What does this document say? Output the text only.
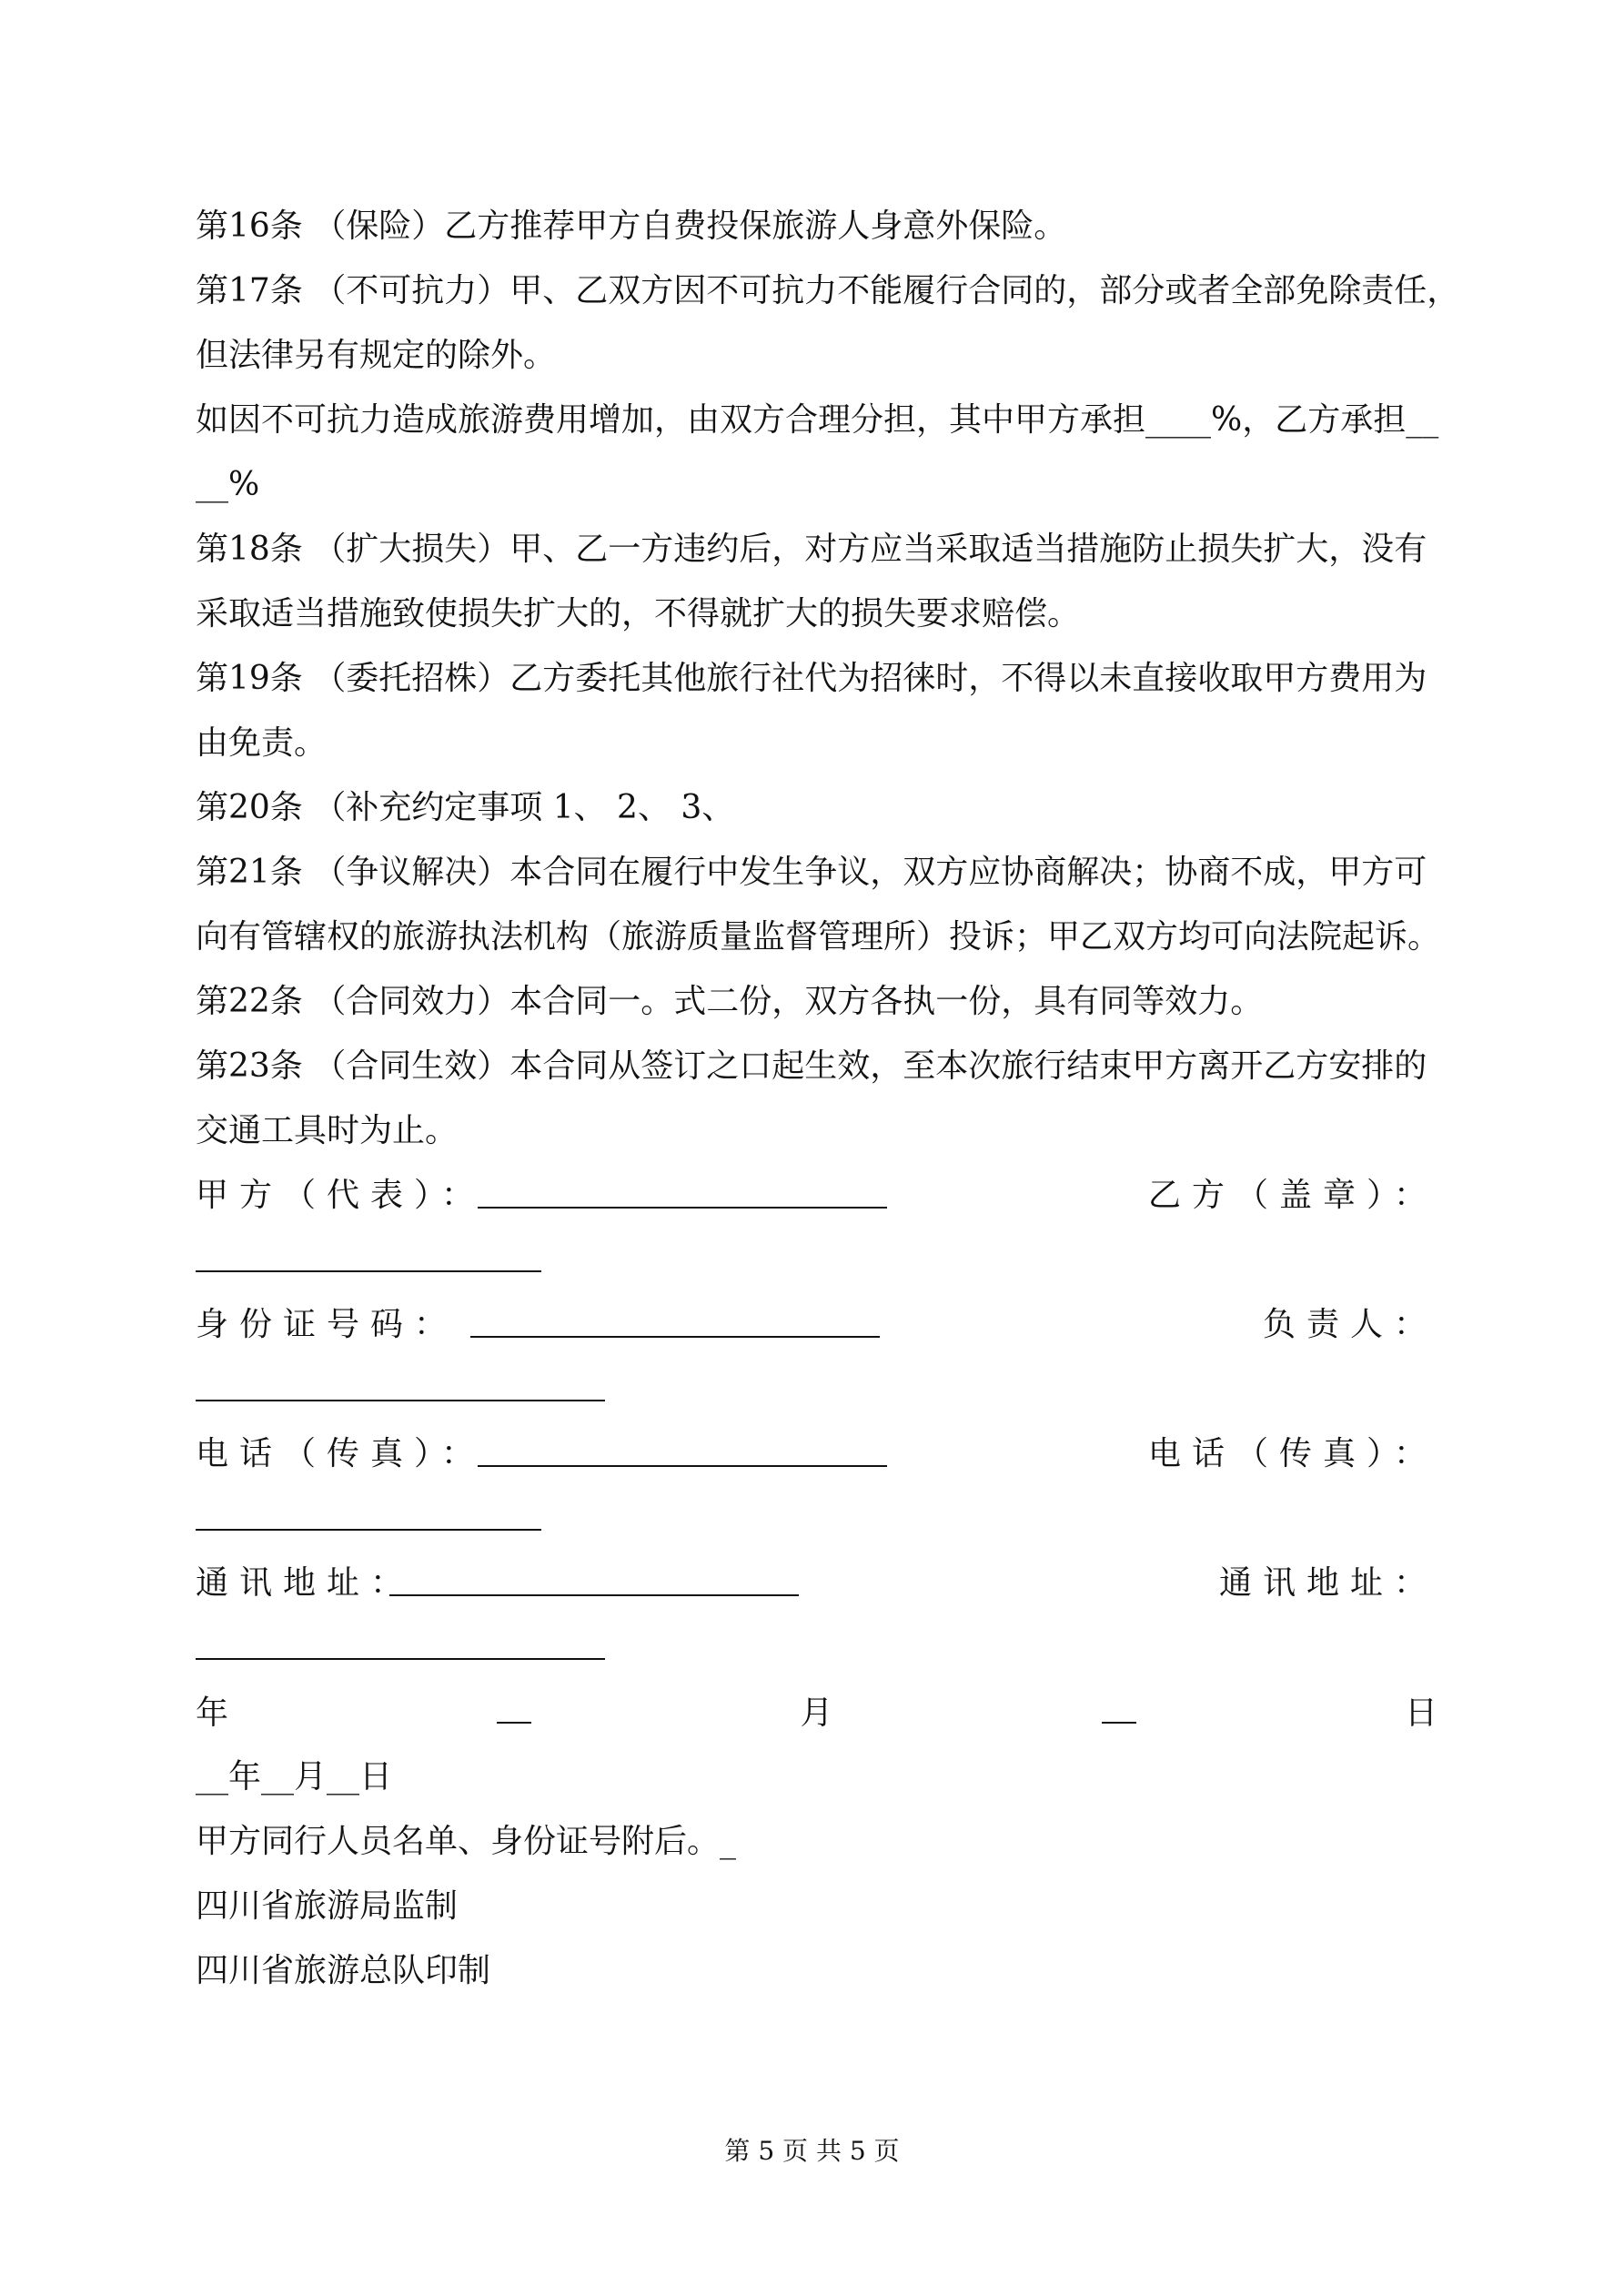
第16条 （保险）乙方推荐甲方自费投保旅游人身意外保险。
第17条 （不可抗力）甲、乙双方因不可抗力不能履行合同的，部分或者全部免除责任，
但法律另有规定的除外。
如因不可抗力造成旅游费用增加，由双方合理分担，其中甲方承担____%，乙方承担__
__%
第18条 （扩大损失）甲、乙一方违约后，对方应当采取适当措施防止损失扩大，没有
采取适当措施致使损失扩大的，不得就扩大的损失要求赔偿。
第19条 （委托招株）乙方委托其他旅行社代为招徕时，不得以未直接收取甲方费用为
由免责。
第20条 （补充约定事项 1、 2、 3、
第21条 （争议解决）本合同在履行中发生争议，双方应协商解决；协商不成，甲方可
向有管辖权的旅游执法机构（旅游质量监督管理所）投诉；甲乙双方均可向法院起诉。
第22条 （合同效力）本合同一。式二份，双方各执一份，具有同等效力。
第23条 （合同生效）本合同从签订之口起生效，至本次旅行结束甲方离开乙方安排的
交通工具时为止。
甲方（代表）：	乙方（盖章）：
身份证号码：	负责人：
电话（传真）：	电话（传真）：
通讯地址：	通讯地址：
年	月	日
__年__月__日
甲方同行人员名单、身份证号附后。_
四川省旅游局监制
四川省旅游总队印制
第 5 页 共 5 页
